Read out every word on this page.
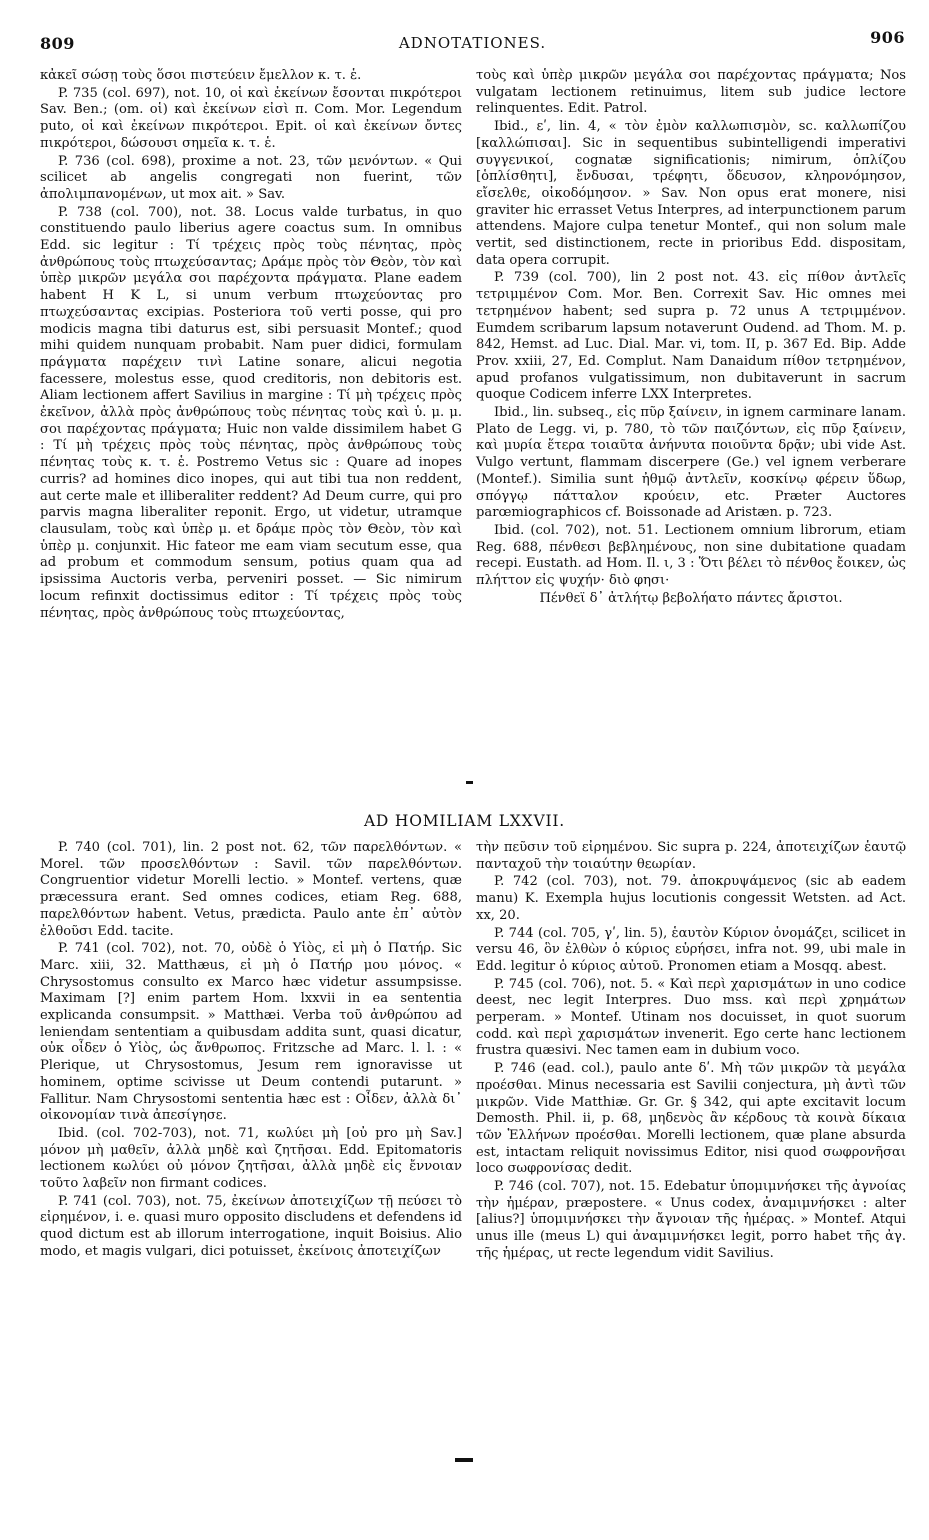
809	ADNOTATIONES.	906

κἀκεῖ σώσῃ τοὺς ὅσοι πιστεύειν ἔμελλον κ. τ. ἑ.

P. 735 (col. 697), not. 10, οἱ καὶ ἐκείνων ἔσονται πικρότεροι Sav. Ben.; (om. οἱ) καὶ ἐκείνων εἰσὶ π. Com. Mor. Legendum puto, οἱ καὶ ἐκείνων πικρότεροι. Epit. οἱ καὶ ἐκείνων ὄντες πικρότεροι, δώσουσι σημεῖα κ. τ. ἑ.

P. 736 (col. 698), proxime a not. 23, τῶν μενόντων. « Qui scilicet ab angelis congregati non fuerint, τῶν ἀπολιμπανομένων, ut mox ait. » Sav.

P. 738 (col. 700), not. 38. Locus valde turbatus, in quo constituendo paulo liberius agere coactus sum. In omnibus Edd. sic legitur : Τί τρέχεις πρὸς τοὺς πένητας, πρὸς ἀνθρώπους τοὺς πτωχεύσαντας; Δράμε πρὸς τὸν Θεὸν, τὸν καὶ ὑπὲρ μικρῶν μεγάλα σοι παρέχοντα πράγματα. Plane eadem habent H K L, si unum verbum πτωχεύοντας pro πτωχεύσαντας excipias. Posteriora τοῦ verti posse, qui pro modicis magna tibi daturus est, sibi persuasit Montef.; quod mihi quidem nunquam probabit. Nam puer didici, formulam πράγματα παρέχειν τινὶ Latine sonare, alicui negotia facessere, molestus esse, quod creditoris, non debitoris est. Aliam lectionem affert Savilius in margine : Τί μὴ τρέχεις πρὸς ἐκεῖνον, ἀλλὰ πρὸς ἀνθρώπους τοὺς πένητας τοὺς καὶ ὑ. μ. μ. σοι παρέχοντας πράγματα; Huic non valde dissimilem habet G : Τί μὴ τρέχεις πρὸς τοὺς πένητας, πρὸς ἀνθρώπους τοὺς πένητας τοὺς κ. τ. ἑ. Postremo Vetus sic : Quare ad inopes curris? ad homines dico inopes, qui aut tibi tua non reddent, aut certe male et illiberaliter reddent? Ad Deum curre, qui pro parvis magna liberaliter reponit. Ergo, ut videtur, utramque clausulam, τοὺς καὶ ὑπὲρ μ. et δράμε πρὸς τὸν Θεὸν, τὸν καὶ ὑπὲρ μ. conjunxit. Hic fateor me eam viam secutum esse, qua ad probum et commodum sensum, potius quam qua ad ipsissima Auctoris verba, perveniri posset. — Sic nimirum locum refinxit doctissimus editor : Τί τρέχεις πρὸς τοὺς πένητας, πρὸς ἀνθρώπους τοὺς πτωχεύοντας,

τοὺς καὶ ὑπὲρ μικρῶν μεγάλα σοι παρέχοντας πράγματα; Nos vulgatam lectionem retinuimus, litem sub judice lectore relinquentes. Edit. Patrol.

Ibid., εʹ, lin. 4, « τὸν ἐμὸν καλλωπισμὸν, sc. καλλωπίζου [καλλώπισαι]. Sic in sequentibus subintelligendi imperativi συγγενικοί, cognatæ significationis; nimirum, ὁπλίζου [ὁπλίσθητι], ἔνδυσαι, τρέφητι, ὅδευσον, κληρονόμησον, εἴσελθε, οἰκοδόμησον. » Sav. Non opus erat monere, nisi graviter hic errasset Vetus Interpres, ad interpunctionem parum attendens. Majore culpa tenetur Montef., qui non solum male vertit, sed distinctionem, recte in prioribus Edd. dispositam, data opera corrupit.

P. 739 (col. 700), lin 2 post not. 43. εἰς πίθον ἀντλεῖς τετριμμένον Com. Mor. Ben. Correxit Sav. Hic omnes mei τετρημένον habent; sed supra p. 72 unus A τετριμμένον. Eumdem scribarum lapsum notaverunt Oudend. ad Thom. M. p. 842, Hemst. ad Luc. Dial. Mar. vi, tom. II, p. 367 Ed. Bip. Adde Prov. xxiii, 27, Ed. Complut. Nam Danaidum πίθον τετρημένον, apud profanos vulgatissimum, non dubitaverunt in sacrum quoque Codicem inferre LXX Interpretes.

Ibid., lin. subseq., εἰς πῦρ ξαίνειν, in ignem carminare lanam. Plato de Legg. vi, p. 780, τὸ τῶν παιζόντων, εἰς πῦρ ξαίνειν, καὶ μυρία ἕτερα τοιαῦτα ἀνήνυτα ποιοῦντα δρᾷν; ubi vide Ast. Vulgo vertunt, flammam discerpere (Ge.) vel ignem verberare (Montef.). Similia sunt ἠθμῷ ἀντλεῖν, κοσκίνῳ φέρειν ὕδωρ, σπόγγῳ πάτταλον κρούειν, etc. Præter Auctores parœmiographicos cf. Boissonade ad Aristæn. p. 723.

Ibid. (col. 702), not. 51. Lectionem omnium librorum, etiam Reg. 688, πένθεσι βεβλημένους, non sine dubitatione quadam recepi. Eustath. ad Hom. Il. ι, 3 : Ὅτι βέλει τὸ πένθος ἔοικεν, ὡς πλήττον εἰς ψυχήν· διὸ φησι·

Πένθεϊ δ᾽ ἀτλήτῳ βεβολήατο πάντες ἄριστοι.

AD HOMILIAM LXXVII.

P. 740 (col. 701), lin. 2 post not. 62, τῶν παρελθόντων. « Morel. τῶν προσελθόντων : Savil. τῶν παρελθόντων. Congruentior videtur Morelli lectio. » Montef. vertens, quæ præcessura erant. Sed omnes codices, etiam Reg. 688, παρελθόντων habent. Vetus, prædicta. Paulo ante ἐπ᾽ αὐτὸν ἐλθοῦσι Edd. tacite.

P. 741 (col. 702), not. 70, οὐδὲ ὁ Υἱὸς, εἰ μὴ ὁ Πατήρ. Sic Marc. xiii, 32. Matthæus, εἰ μὴ ὁ Πατήρ μου μόνος. « Chrysostomus consulto ex Marco hæc videtur assumpsisse. Maximam [?] enim partem Hom. lxxvii in ea sententia explicanda consumpsit. » Matthæi. Verba τοῦ ἀνθρώπου ad leniendam sententiam a quibusdam addita sunt, quasi dicatur, οὐκ οἶδεν ὁ Υἱὸς, ὡς ἄνθρωπος. Fritzsche ad Marc. l. l. : « Plerique, ut Chrysostomus, Jesum rem ignoravisse ut hominem, optime scivisse ut Deum contendi putarunt. » Fallitur. Nam Chrysostomi sententia hæc est : Οἶδεν, ἀλλὰ δι᾽ οἰκονομίαν τινὰ ἀπεσίγησε.

Ibid. (col. 702-703), not. 71, κωλύει μὴ [οὐ pro μὴ Sav.] μόνον μὴ μαθεῖν, ἀλλὰ μηδὲ καὶ ζητῆσαι. Edd. Epitomatoris lectionem κωλύει οὐ μόνον ζητῆσαι, ἀλλὰ μηδὲ εἰς ἔννοιαν τοῦτο λαβεῖν non firmant codices.

P. 741 (col. 703), not. 75, ἐκείνων ἀποτειχίζων τῇ πεύσει τὸ εἰρημένον, i. e. quasi muro opposito discludens et defendens id quod dictum est ab illorum interrogatione, inquit Boisius. Alio modo, et magis vulgari, dici potuisset, ἐκείνοις ἀποτειχίζων

τὴν πεῦσιν τοῦ εἰρημένου. Sic supra p. 224, ἀποτειχίζων ἑαυτῷ πανταχοῦ τὴν τοιαύτην θεωρίαν.

P. 742 (col. 703), not. 79. ἀποκρυψάμενος (sic ab eadem manu) K. Exempla hujus locutionis congessit Wetsten. ad Act. xx, 20.

P. 744 (col. 705, γʹ, lin. 5), ἑαυτὸν Κύριον ὀνομάζει, scilicet in versu 46, ὃν ἐλθὼν ὁ κύριος εὑρήσει, infra not. 99, ubi male in Edd. legitur ὁ κύριος αὐτοῦ. Pronomen etiam a Mosqq. abest.

P. 745 (col. 706), not. 5. « Καὶ περὶ χαρισμάτων in uno codice deest, nec legit Interpres. Duo mss. καὶ περὶ χρημάτων perperam. » Montef. Utinam nos docuisset, in quot suorum codd. καὶ περὶ χαρισμάτων invenerit. Ego certe hanc lectionem frustra quæsivi. Nec tamen eam in dubium voco.

P. 746 (ead. col.), paulo ante δʹ. Μὴ τῶν μικρῶν τὰ μεγάλα προέσθαι. Minus necessaria est Savilii conjectura, μὴ ἀντὶ τῶν μικρῶν. Vide Matthiæ. Gr. Gr. § 342, qui apte excitavit locum Demosth. Phil. ii, p. 68, μηδενὸς ἂν κέρδους τὰ κοινὰ δίκαια τῶν Ἑλλήνων προέσθαι. Morelli lectionem, quæ plane absurda est, intactam reliquit novissimus Editor, nisi quod σωφρονῆσαι loco σωφρονίσας dedit.

P. 746 (col. 707), not. 15. Edebatur ὑπομιμνήσκει τῆς ἀγνοίας τὴν ἡμέραν, præpostere. « Unus codex, ἀναμιμνήσκει : alter [alius?] ὑπομιμνήσκει τὴν ἄγνοιαν τῆς ἡμέρας. » Montef. Atqui unus ille (meus L) qui ἀναμιμνήσκει legit, porro habet τῆς ἀγ. τῆς ἡμέρας, ut recte legendum vidit Savilius.
